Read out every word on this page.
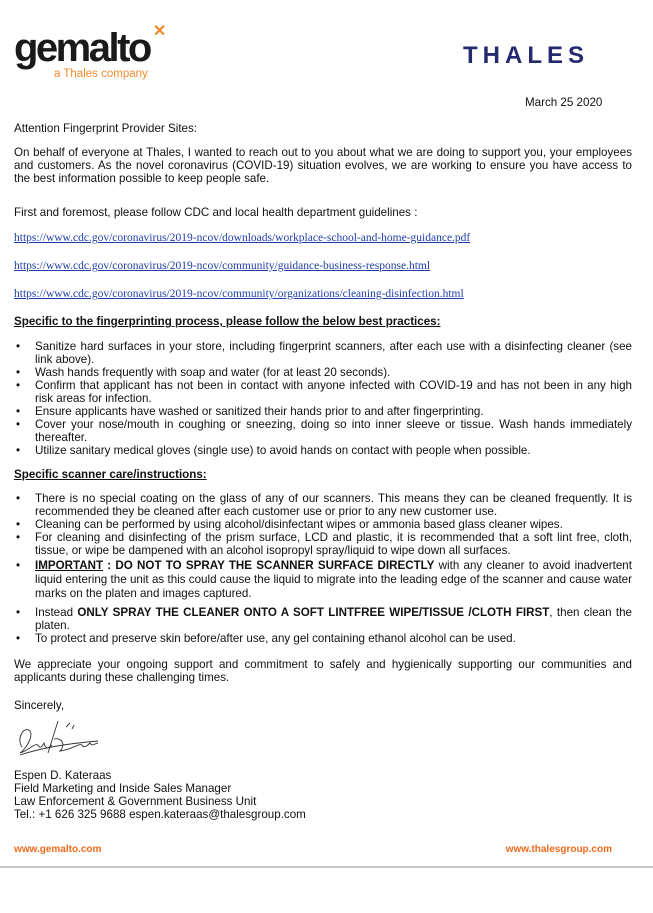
gemalto ✕
a Thales company
THALES
March 25 2020
Attention Fingerprint Provider Sites:
On behalf of everyone at Thales, I wanted to reach out to you about what we are doing to support you, your employees and customers. As the novel coronavirus (COVID-19) situation evolves, we are working to ensure you have access to the best information possible to keep people safe.
First and foremost, please follow CDC and local health department guidelines :
https://www.cdc.gov/coronavirus/2019-ncov/downloads/workplace-school-and-home-guidance.pdf
https://www.cdc.gov/coronavirus/2019-ncov/community/guidance-business-response.html
https://www.cdc.gov/coronavirus/2019-ncov/community/organizations/cleaning-disinfection.html
Specific to the fingerprinting process, please follow the below best practices:
• Sanitize hard surfaces in your store, including fingerprint scanners, after each use with a disinfecting cleaner (see link above).
• Wash hands frequently with soap and water (for at least 20 seconds).
• Confirm that applicant has not been in contact with anyone infected with COVID-19 and has not been in any high risk areas for infection.
• Ensure applicants have washed or sanitized their hands prior to and after fingerprinting.
• Cover your nose/mouth in coughing or sneezing, doing so into inner sleeve or tissue. Wash hands immediately thereafter.
• Utilize sanitary medical gloves (single use) to avoid hands on contact with people when possible.
Specific scanner care/instructions:
• There is no special coating on the glass of any of our scanners. This means they can be cleaned frequently. It is recommended they be cleaned after each customer use or prior to any new customer use.
• Cleaning can be performed by using alcohol/disinfectant wipes or ammonia based glass cleaner wipes.
• For cleaning and disinfecting of the prism surface, LCD and plastic, it is recommended that a soft lint free, cloth, tissue, or wipe be dampened with an alcohol isopropyl spray/liquid to wipe down all surfaces.
• IMPORTANT : DO NOT TO SPRAY THE SCANNER SURFACE DIRECTLY with any cleaner to avoid inadvertent liquid entering the unit as this could cause the liquid to migrate into the leading edge of the scanner and cause water marks on the platen and images captured.
• Instead ONLY SPRAY THE CLEANER ONTO A SOFT LINTFREE WIPE/TISSUE /CLOTH FIRST, then clean the platen.
• To protect and preserve skin before/after use, any gel containing ethanol alcohol can be used.
We appreciate your ongoing support and commitment to safely and hygienically supporting our communities and applicants during these challenging times.
Sincerely,
Espen D. Kateraas
Field Marketing and Inside Sales Manager
Law Enforcement & Government Business Unit
Tel.: +1 626 325 9688 espen.kateraas@thalesgroup.com
www.gemalto.com	www.thalesgroup.com
